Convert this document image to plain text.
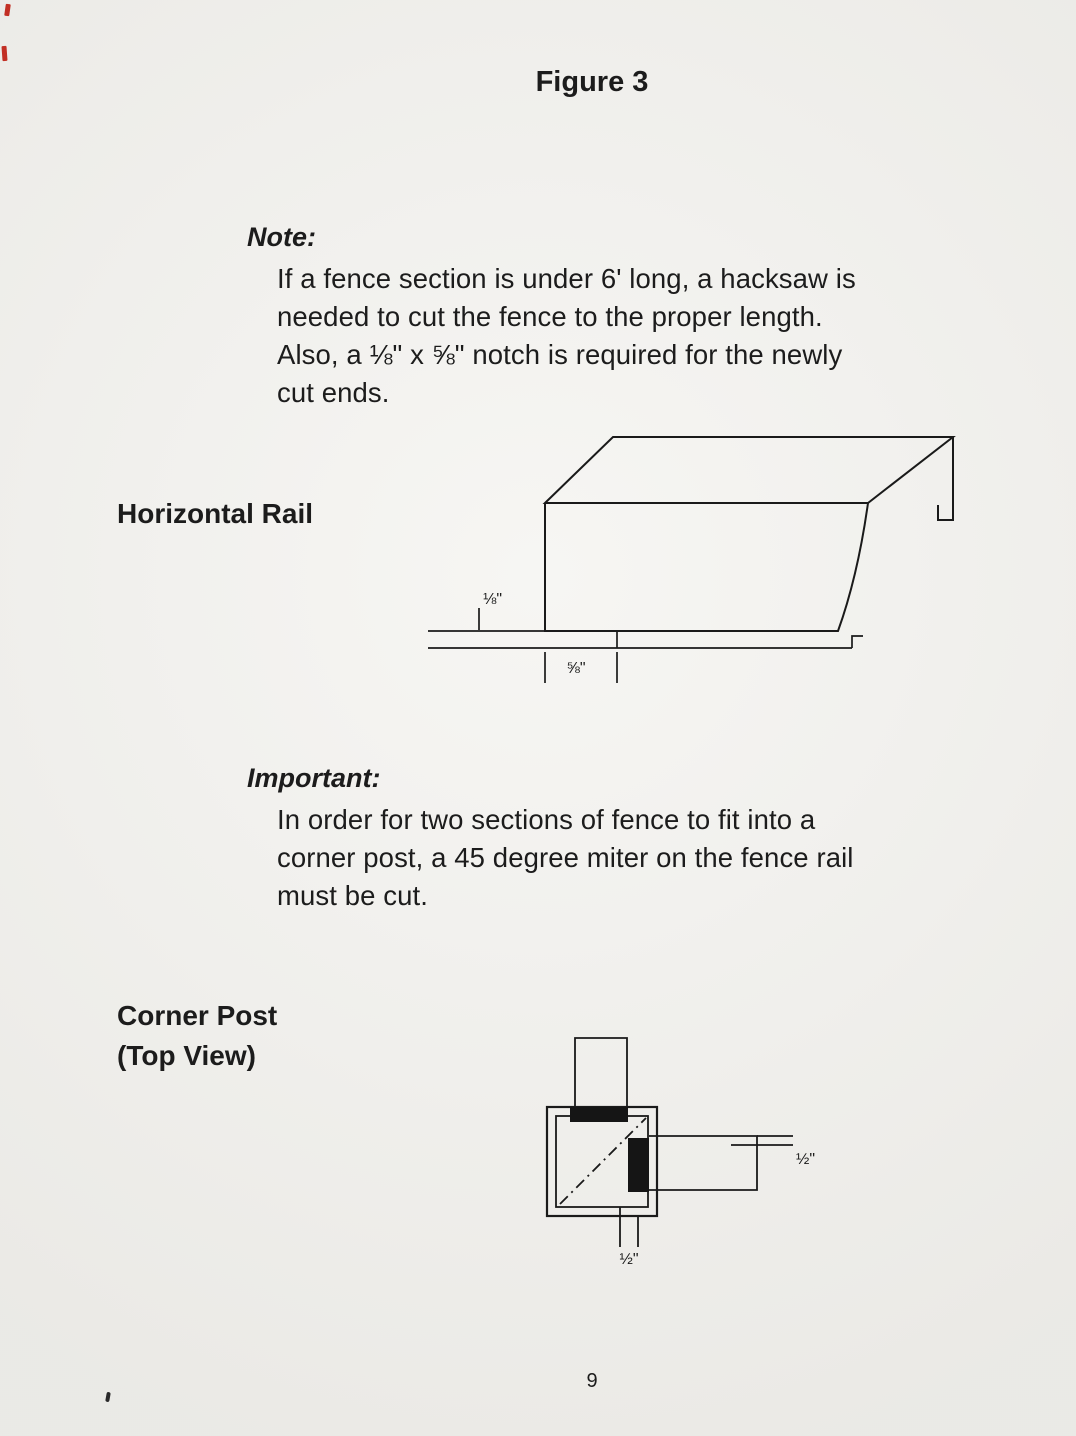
Figure 3
Note:
If a fence section is under 6' long, a hacksaw is
needed to cut the fence to the proper length.
Also, a ⅛" x ⅝" notch is required for the newly
cut ends.
Horizontal Rail
⅛"
⅝"
Important:
In order for two sections of fence to fit into a
corner post, a 45 degree miter on the fence rail
must be cut.
Corner Post
(Top View)
½"
½"
9
